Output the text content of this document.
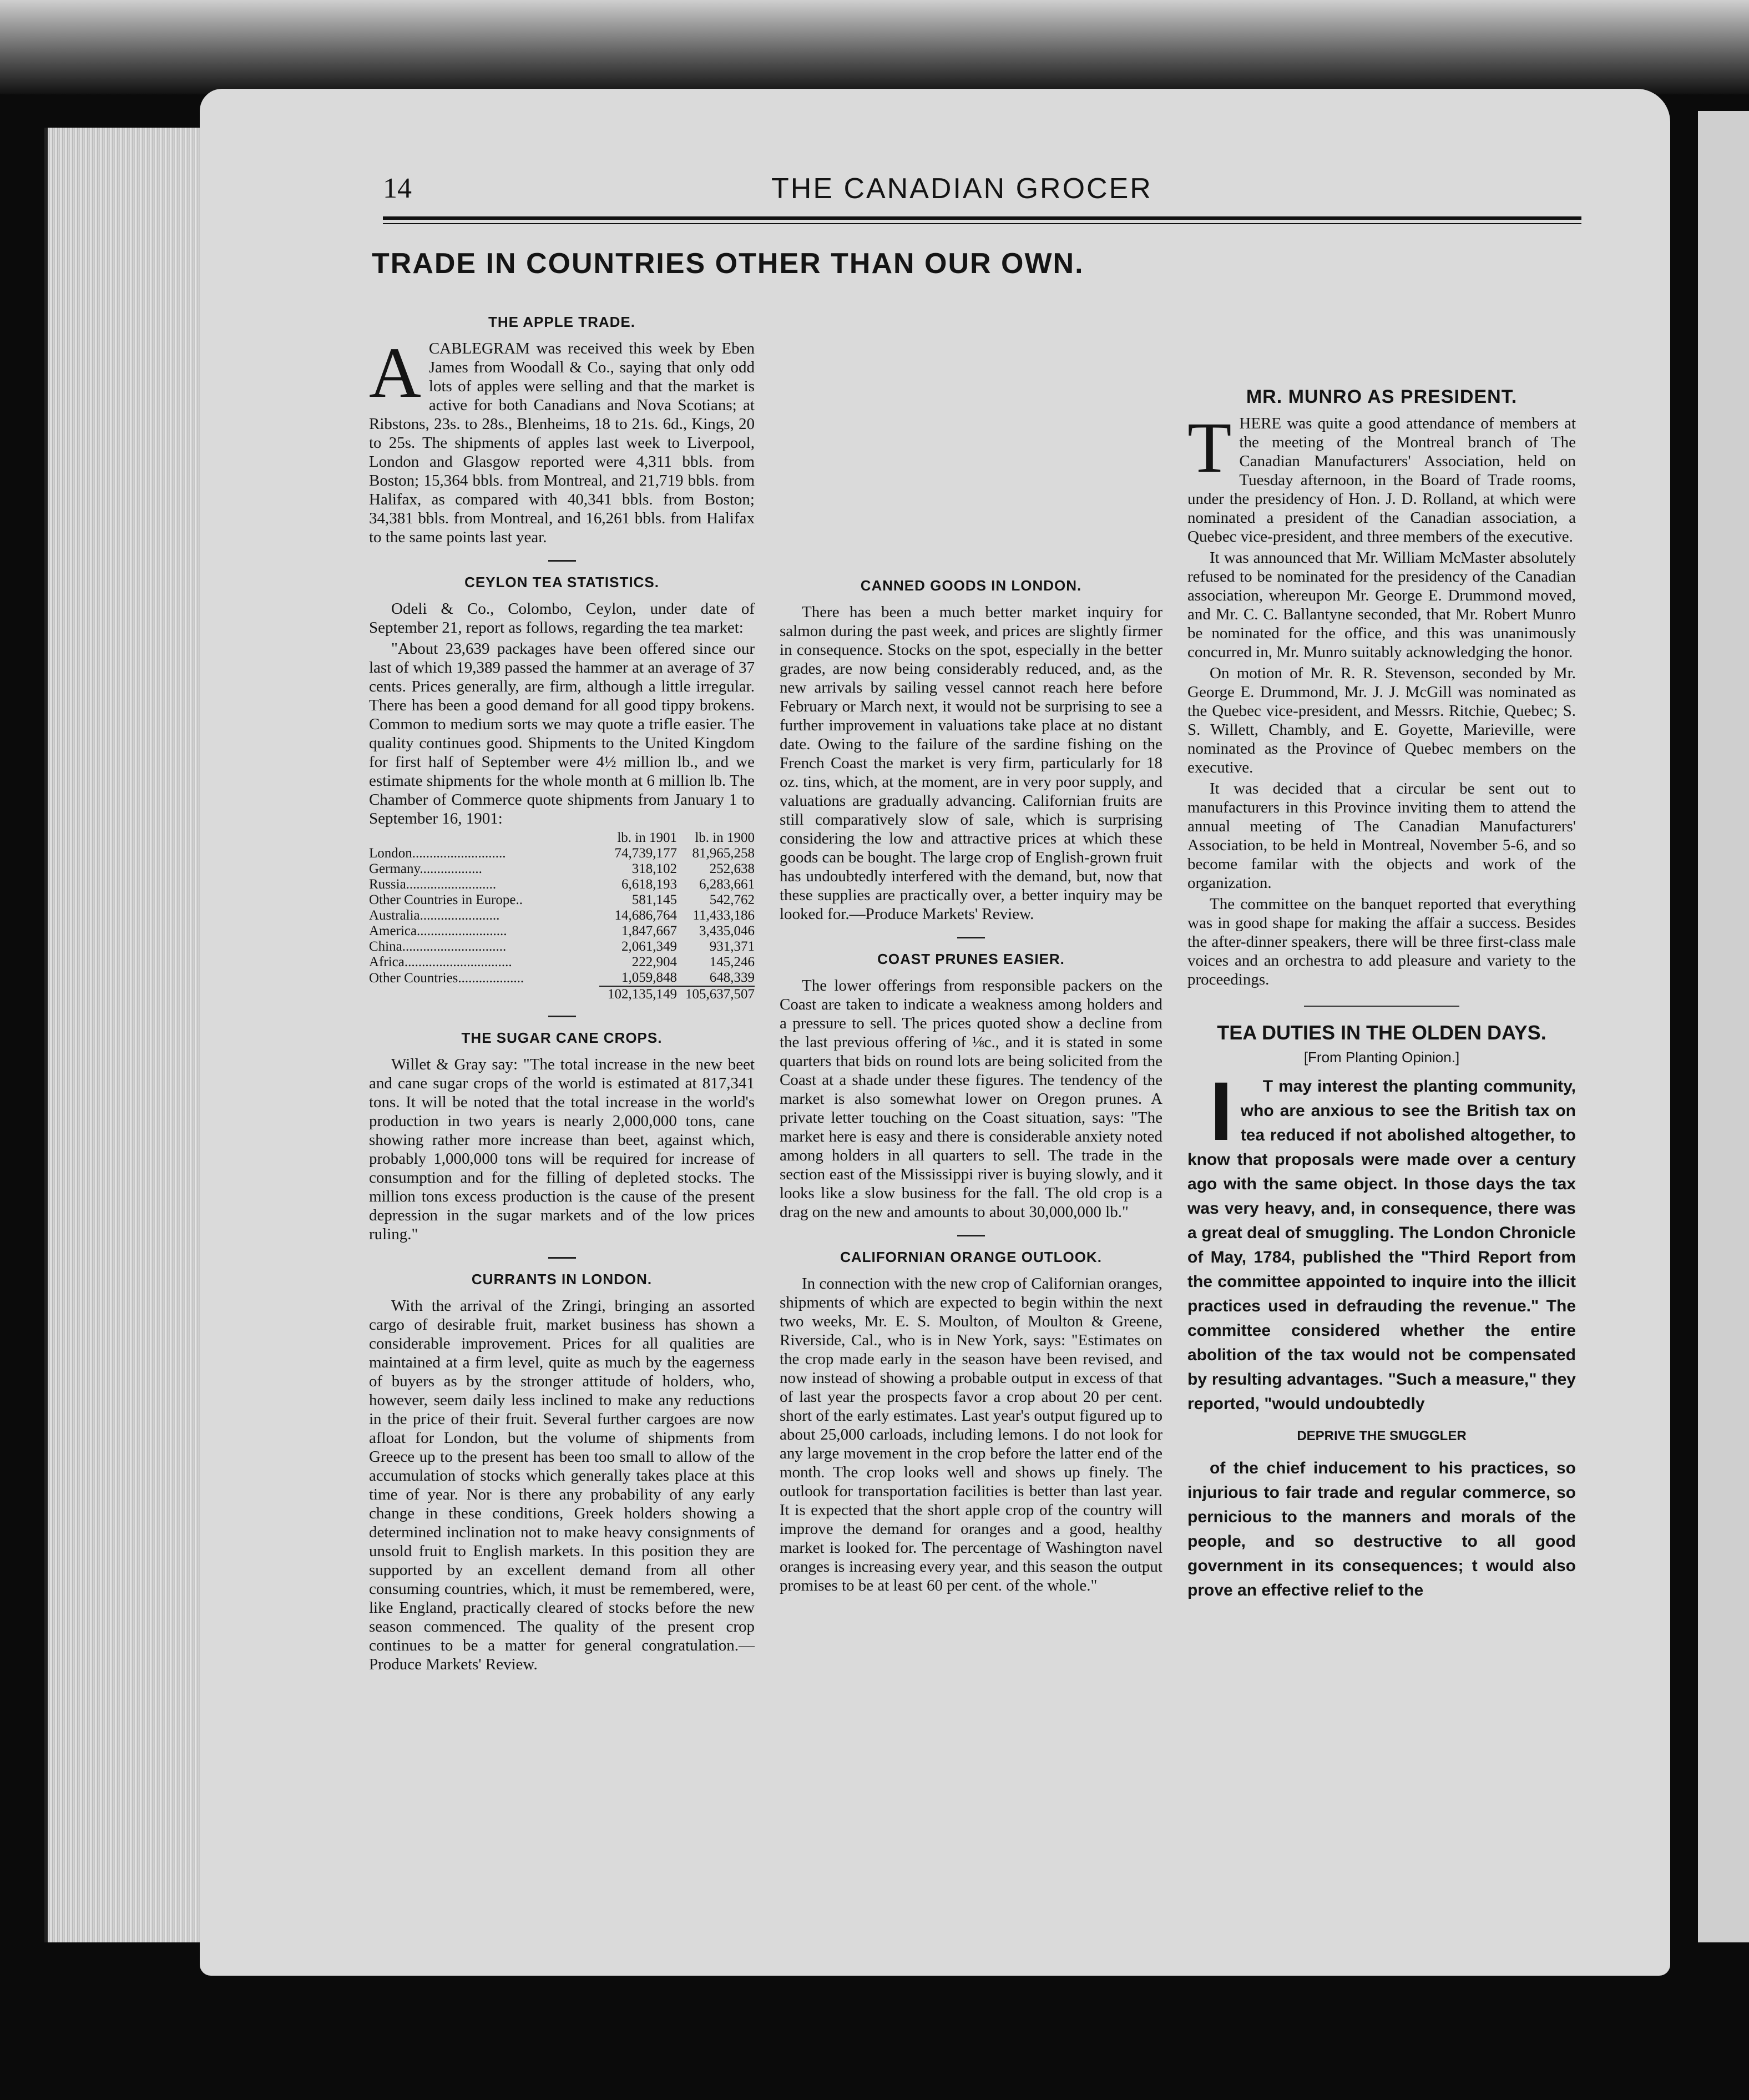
14	THE CANADIAN GROCER
TRADE IN COUNTRIES OTHER THAN OUR OWN.
THE APPLE TRADE.

ACABLEGRAM was received this week by Eben James from Woodall & Co., saying that only odd lots of apples were selling and that the market is active for both Canadians and Nova Scotians; at Ribstons, 23s. to 28s., Blenheims, 18 to 21s. 6d., Kings, 20 to 25s. The shipments of apples last week to Liverpool, London and Glasgow reported were 4,311 bbls. from Boston; 15,364 bbls. from Montreal, and 21,719 bbls. from Halifax, as compared with 40,341 bbls. from Boston; 34,381 bbls. from Montreal, and 16,261 bbls. from Halifax to the same points last year.

CEYLON TEA STATISTICS.

Odeli & Co., Colombo, Ceylon, under date of September 21, report as follows, regarding the tea market:

"About 23,639 packages have been offered since our last of which 19,389 passed the hammer at an average of 37 cents. Prices generally, are firm, although a little irregular. There has been a good demand for all good tippy brokens. Common to medium sorts we may quote a trifle easier. The quality continues good. Shipments to the United Kingdom for first half of September were 4½ million lb., and we estimate shipments for the whole month at 6 million lb. The Chamber of Commerce quote shipments from January 1 to September 16, 1901:

	lb. in 1901	lb. in 1900
London...........................	74,739,177	81,965,258
Germany..................	318,102	252,638
Russia..........................	6,618,193	6,283,661
Other Countries in Europe..	581,145	542,762
Australia.......................	14,686,764	11,433,186
America..........................	1,847,667	3,435,046
China..............................	2,061,349	931,371
Africa...............................	222,904	145,246
Other Countries...................	1,059,848	648,339
	102,135,149	105,637,507
THE SUGAR CANE CROPS.

Willet & Gray say: "The total increase in the new beet and cane sugar crops of the world is estimated at 817,341 tons. It will be noted that the total increase in the world's production in two years is nearly 2,000,000 tons, cane showing rather more increase than beet, against which, probably 1,000,000 tons will be required for increase of consumption and for the filling of depleted stocks. The million tons excess production is the cause of the present depression in the sugar markets and of the low prices ruling."

CURRANTS IN LONDON.

With the arrival of the Zringi, bringing an assorted cargo of desirable fruit, market business has shown a considerable improvement. Prices for all qualities are maintained at a firm level, quite as much by the eagerness of buyers as by the stronger attitude of holders, who, however, seem daily less inclined to make any reductions in the price of their fruit. Several further cargoes are now afloat for London, but the volume of shipments from Greece up to the present has been too small to allow of the accumulation of stocks which generally takes place at this time of year. Nor is there any probability of any early change in these conditions, Greek holders showing a determined inclination not to make heavy consignments of unsold fruit to English markets. In this position they are supported by an excellent demand from all other consuming countries, which, it must be remembered, were, like England, practically cleared of stocks before the new season commenced. The quality of the present crop continues to be a matter for general congratulation.—Produce Markets' Review.

CANNED GOODS IN LONDON.

There has been a much better market inquiry for salmon during the past week, and prices are slightly firmer in consequence. Stocks on the spot, especially in the better grades, are now being considerably reduced, and, as the new arrivals by sailing vessel cannot reach here before February or March next, it would not be surprising to see a further improvement in valuations take place at no distant date. Owing to the failure of the sardine fishing on the French Coast the market is very firm, particularly for 18 oz. tins, which, at the moment, are in very poor supply, and valuations are gradually advancing. Californian fruits are still comparatively slow of sale, which is surprising considering the low and attractive prices at which these goods can be bought. The large crop of English-grown fruit has undoubtedly interfered with the demand, but, now that these supplies are practically over, a better inquiry may be looked for.—Produce Markets' Review.

COAST PRUNES EASIER.

The lower offerings from responsible packers on the Coast are taken to indicate a weakness among holders and a pressure to sell. The prices quoted show a decline from the last previous offering of ⅛c., and it is stated in some quarters that bids on round lots are being solicited from the Coast at a shade under these figures. The tendency of the market is also somewhat lower on Oregon prunes. A private letter touching on the Coast situation, says: "The market here is easy and there is considerable anxiety noted among holders in all quarters to sell. The trade in the section east of the Mississippi river is buying slowly, and it looks like a slow business for the fall. The old crop is a drag on the new and amounts to about 30,000,000 lb."

CALIFORNIAN ORANGE OUTLOOK.

In connection with the new crop of Californian oranges, shipments of which are expected to begin within the next two weeks, Mr. E. S. Moulton, of Moulton & Greene, Riverside, Cal., who is in New York, says: "Estimates on the crop made early in the season have been revised, and now instead of showing a probable output in excess of that of last year the prospects favor a crop about 20 per cent. short of the early estimates. Last year's output figured up to about 25,000 carloads, including lemons. I do not look for any large movement in the crop before the latter end of the month. The crop looks well and shows up finely. The outlook for transportation facilities is better than last year. It is expected that the short apple crop of the country will improve the demand for oranges and a good, healthy market is looked for. The percentage of Washington navel oranges is increasing every year, and this season the output promises to be at least 60 per cent. of the whole."

MR. MUNRO AS PRESIDENT.

THERE was quite a good attendance of members at the meeting of the Montreal branch of The Canadian Manufacturers' Association, held on Tuesday afternoon, in the Board of Trade rooms, under the presidency of Hon. J. D. Rolland, at which were nominated a president of the Canadian association, a Quebec vice-president, and three members of the executive.

It was announced that Mr. William McMaster absolutely refused to be nominated for the presidency of the Canadian association, whereupon Mr. George E. Drummond moved, and Mr. C. C. Ballantyne seconded, that Mr. Robert Munro be nominated for the office, and this was unanimously concurred in, Mr. Munro suitably acknowledging the honor.

On motion of Mr. R. R. Stevenson, seconded by Mr. George E. Drummond, Mr. J. J. McGill was nominated as the Quebec vice-president, and Messrs. Ritchie, Quebec; S. S. Willett, Chambly, and E. Goyette, Marieville, were nominated as the Province of Quebec members on the executive.

It was decided that a circular be sent out to manufacturers in this Province inviting them to attend the annual meeting of The Canadian Manufacturers' Association, to be held in Montreal, November 5-6, and so become familar with the objects and work of the organization.

The committee on the banquet reported that everything was in good shape for making the affair a success. Besides the after-dinner speakers, there will be three first-class male voices and an orchestra to add pleasure and variety to the proceedings.

TEA DUTIES IN THE OLDEN DAYS.
[From Planting Opinion.]

I T may interest the planting community, who are anxious to see the British tax on tea reduced if not abolished altogether, to know that proposals were made over a century ago with the same object. In those days the tax was very heavy, and, in consequence, there was a great deal of smuggling. The London Chronicle of May, 1784, published the "Third Report from the committee appointed to inquire into the illicit practices used in defrauding the revenue." The committee considered whether the entire abolition of the tax would not be compensated by resulting advantages. "Such a measure," they reported, "would undoubtedly

DEPRIVE THE SMUGGLER

of the chief inducement to his practices, so injurious to fair trade and regular commerce, so pernicious to the manners and morals of the people, and so destructive to all good government in its consequences; t would also prove an effective relief to the
